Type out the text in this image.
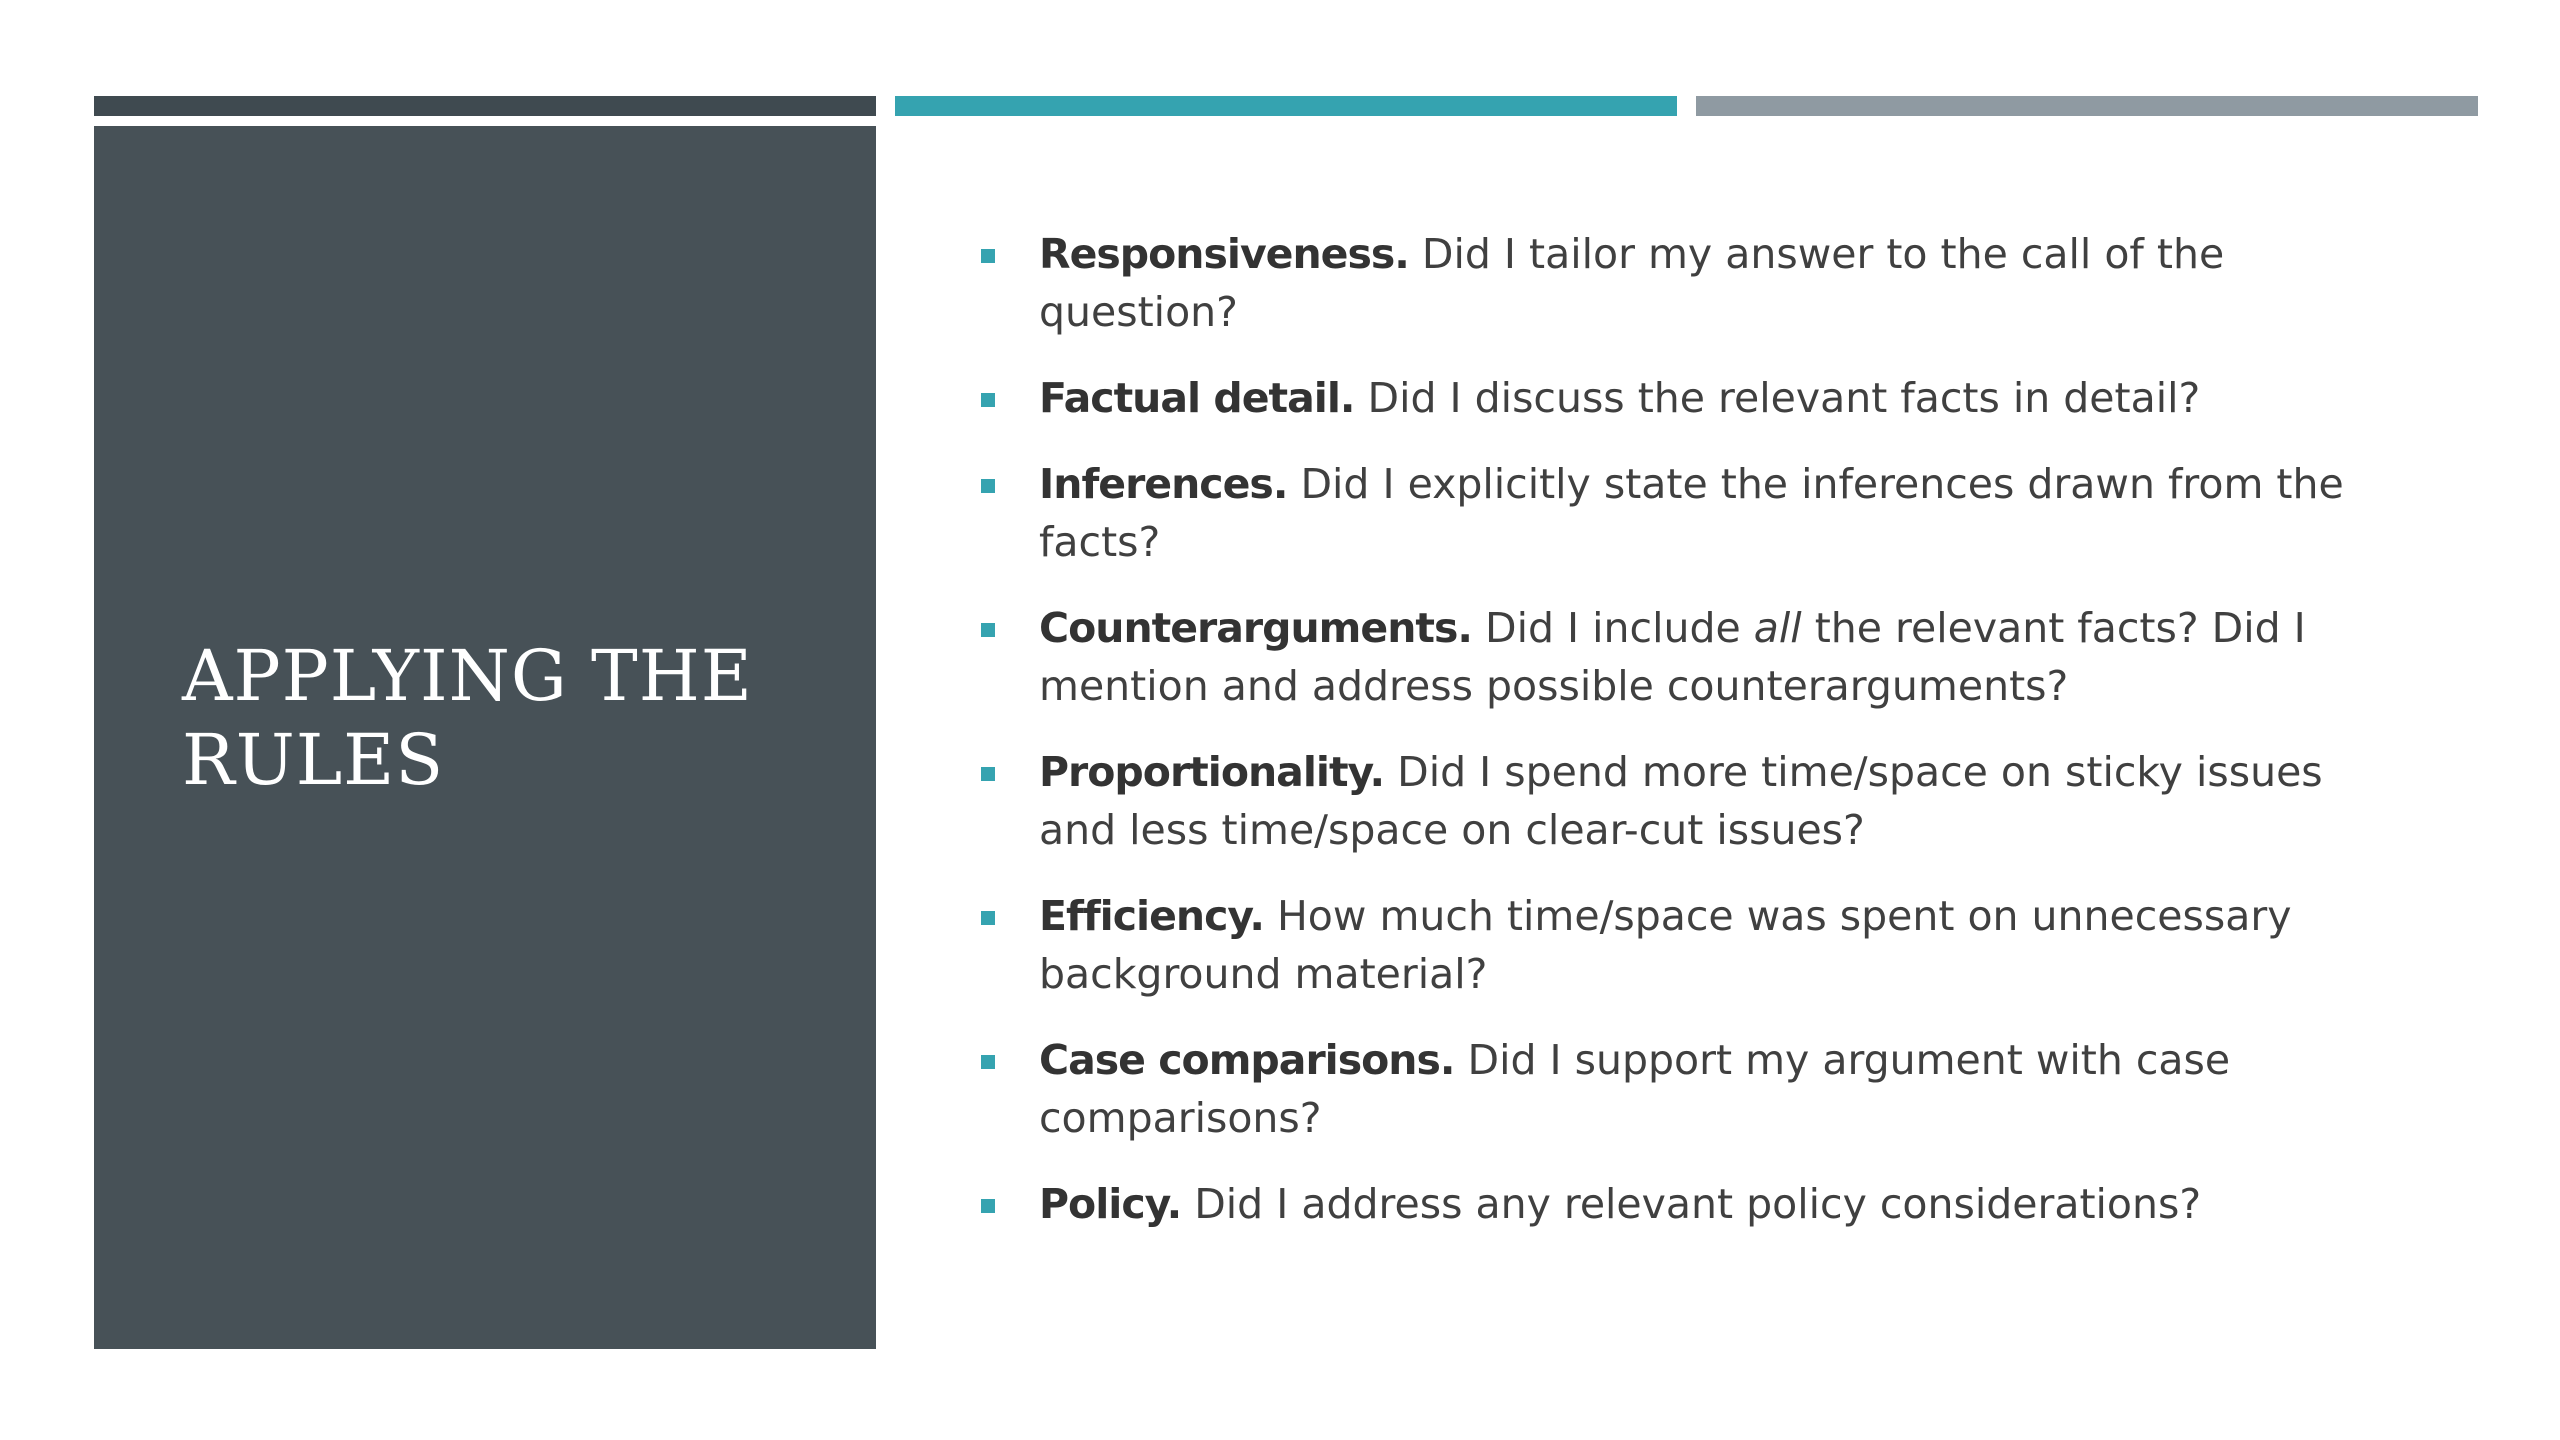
APPLYING THE RULES
Responsiveness. Did I tailor my answer to the call of the question?
Factual detail. Did I discuss the relevant facts in detail?
Inferences. Did I explicitly state the inferences drawn from the facts?
Counterarguments. Did I include all the relevant facts? Did I mention and address possible counterarguments?
Proportionality. Did I spend more time/space on sticky issues and less time/space on clear-cut issues?
Efficiency. How much time/space was spent on unnecessary background material?
Case comparisons. Did I support my argument with case comparisons?
Policy. Did I address any relevant policy considerations?
